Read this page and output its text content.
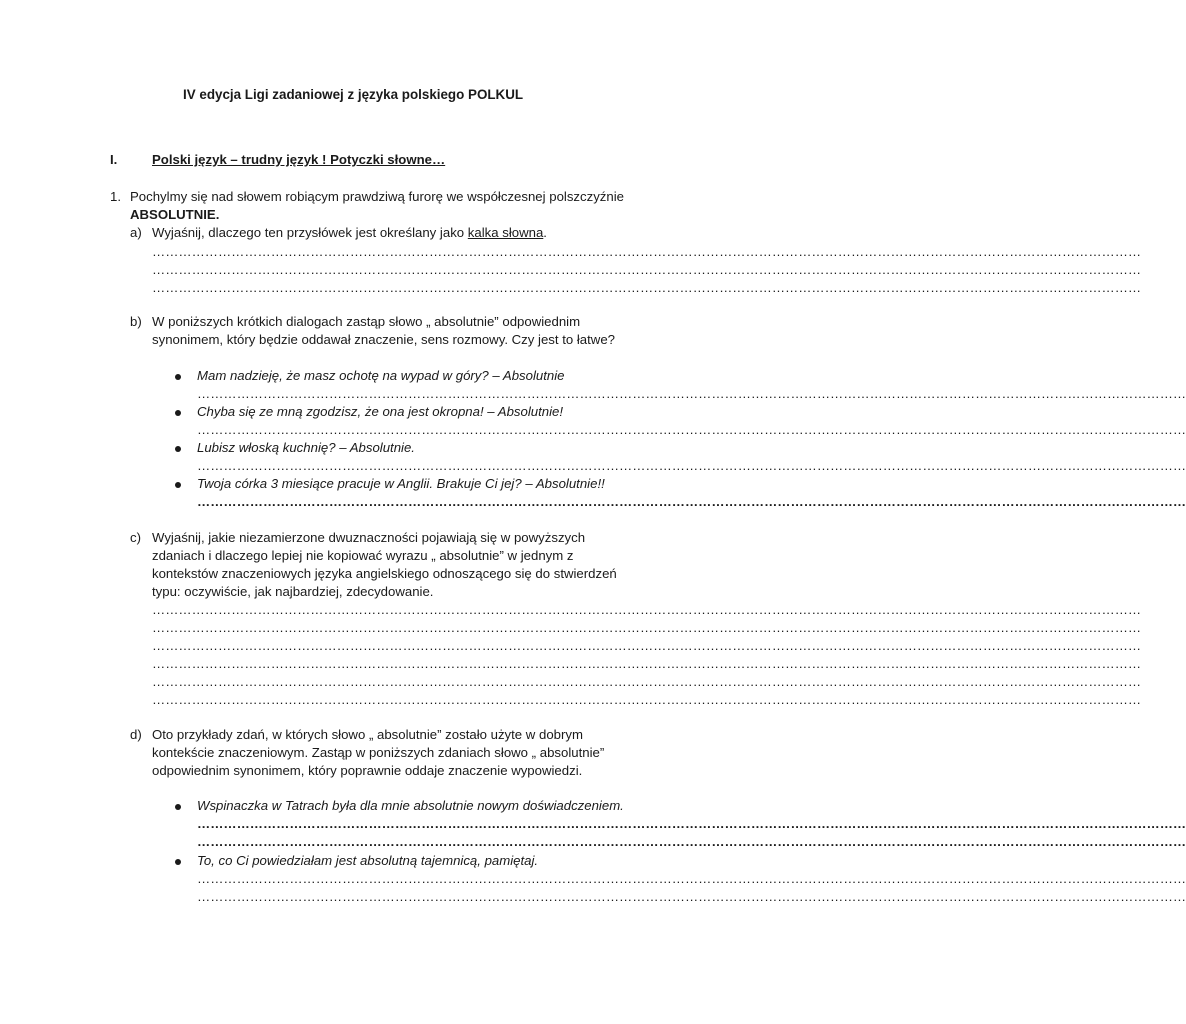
IV edycja Ligi zadaniowej z języka polskiego POLKUL
I.	Polski język – trudny język ! Potyczki słowne…
1. Pochylmy się nad słowem robiącym prawdziwą furorę we współczesnej polszczyźnie
ABSOLUTNIE.
a) Wyjaśnij, dlaczego ten przysłówek jest określany jako kalka słowna.
………………………………………………………………………………………………………………………………………………………………………………………………………
………………………………………………………………………………………………………………………………………………………………………………………………………
………………………………………………………………………………………………………………………………………………………………………………………………………
b) W poniższych krótkich dialogach zastąp słowo „ absolutnie” odpowiednim
synonimem, który będzie oddawał znaczenie, sens rozmowy. Czy jest to łatwe?
Mam nadzieję, że masz ochotę na wypad w góry? – Absolutnie
………………………………………………………………………………………………………………………………………………………………………………………………………
Chyba się ze mną zgodzisz, że ona jest okropna! – Absolutnie!
………………………………………………………………………………………………………………………………………………………………………………………………………
Lubisz włoską kuchnię? – Absolutnie.
………………………………………………………………………………………………………………………………………………………………………………………………………
Twoja córka 3 miesiące pracuje w Anglii. Brakuje Ci jej? – Absolutnie!!
………………………………………………………………………………………………………………………………………………………………………………………………………
c) Wyjaśnij, jakie niezamierzone dwuznaczności pojawiają się w powyższych
zdaniach i dlaczego lepiej nie kopiować wyrazu „ absolutnie” w jednym z
kontekstów znaczeniowych języka angielskiego odnoszącego się do stwierdzeń
typu: oczywiście, jak najbardziej, zdecydowanie.
………………………………………………………………………………………………………………………………………………………………………………………………………
………………………………………………………………………………………………………………………………………………………………………………………………………
………………………………………………………………………………………………………………………………………………………………………………………………………
………………………………………………………………………………………………………………………………………………………………………………………………………
………………………………………………………………………………………………………………………………………………………………………………………………………
………………………………………………………………………………………………………………………………………………………………………………………………………
d) Oto przykłady zdań, w których słowo „ absolutnie” zostało użyte w dobrym
kontekście znaczeniowym. Zastąp w poniższych zdaniach słowo „ absolutnie”
odpowiednim synonimem, który poprawnie oddaje znaczenie wypowiedzi.
Wspinaczka w Tatrach była dla mnie absolutnie nowym doświadczeniem.
………………………………………………………………………………………………………………………………………………………………………………………………………
………………………………………………………………………………………………………………………………………………………………………………………………………
To, co Ci powiedziałam jest absolutną tajemnicą, pamiętaj.
………………………………………………………………………………………………………………………………………………………………………………………………………
………………………………………………………………………………………………………………………………………………………………………………………………………
